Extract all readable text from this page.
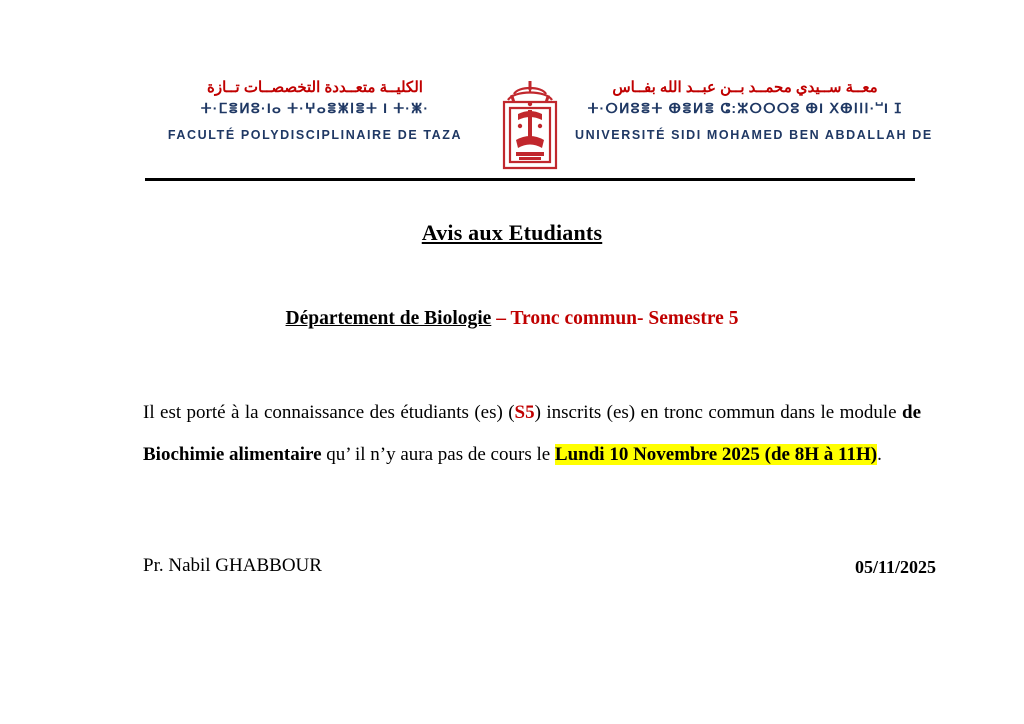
الكليــة متعــددة التخصصــات تــازة
ⵜ·ⵎⴻⵍⵓ·Iⴰ ⵜ·ⵖⴰⴻⵥⵏⴻⵜ I ⵜ·ⵥ·
FACULTÉ POLYDISCIPLINAIRE DE TAZA
معــة ســيدي محمــد بــن عبــد الله بفــاس
ⵜ·ⵔⵍⵓⴻⵜ ⴲⴻⵍⴻ ⵛ:ⵣⵔⵔⵔⵓ ⴲI ⵝⴲⵏⵏⵏ·ⵯI ⵊ
UNIVERSITÉ SIDI MOHAMED BEN ABDALLAH DE
Avis aux Etudiants
Département de Biologie – Tronc commun- Semestre 5
Il est porté à la connaissance des étudiants (es) (S5) inscrits (es) en tronc commun dans le module de Biochimie alimentaire qu’ il n’y aura pas de cours le Lundi 10 Novembre 2025 (de 8H à 11H).
Pr. Nabil GHABBOUR	05/11/2025
